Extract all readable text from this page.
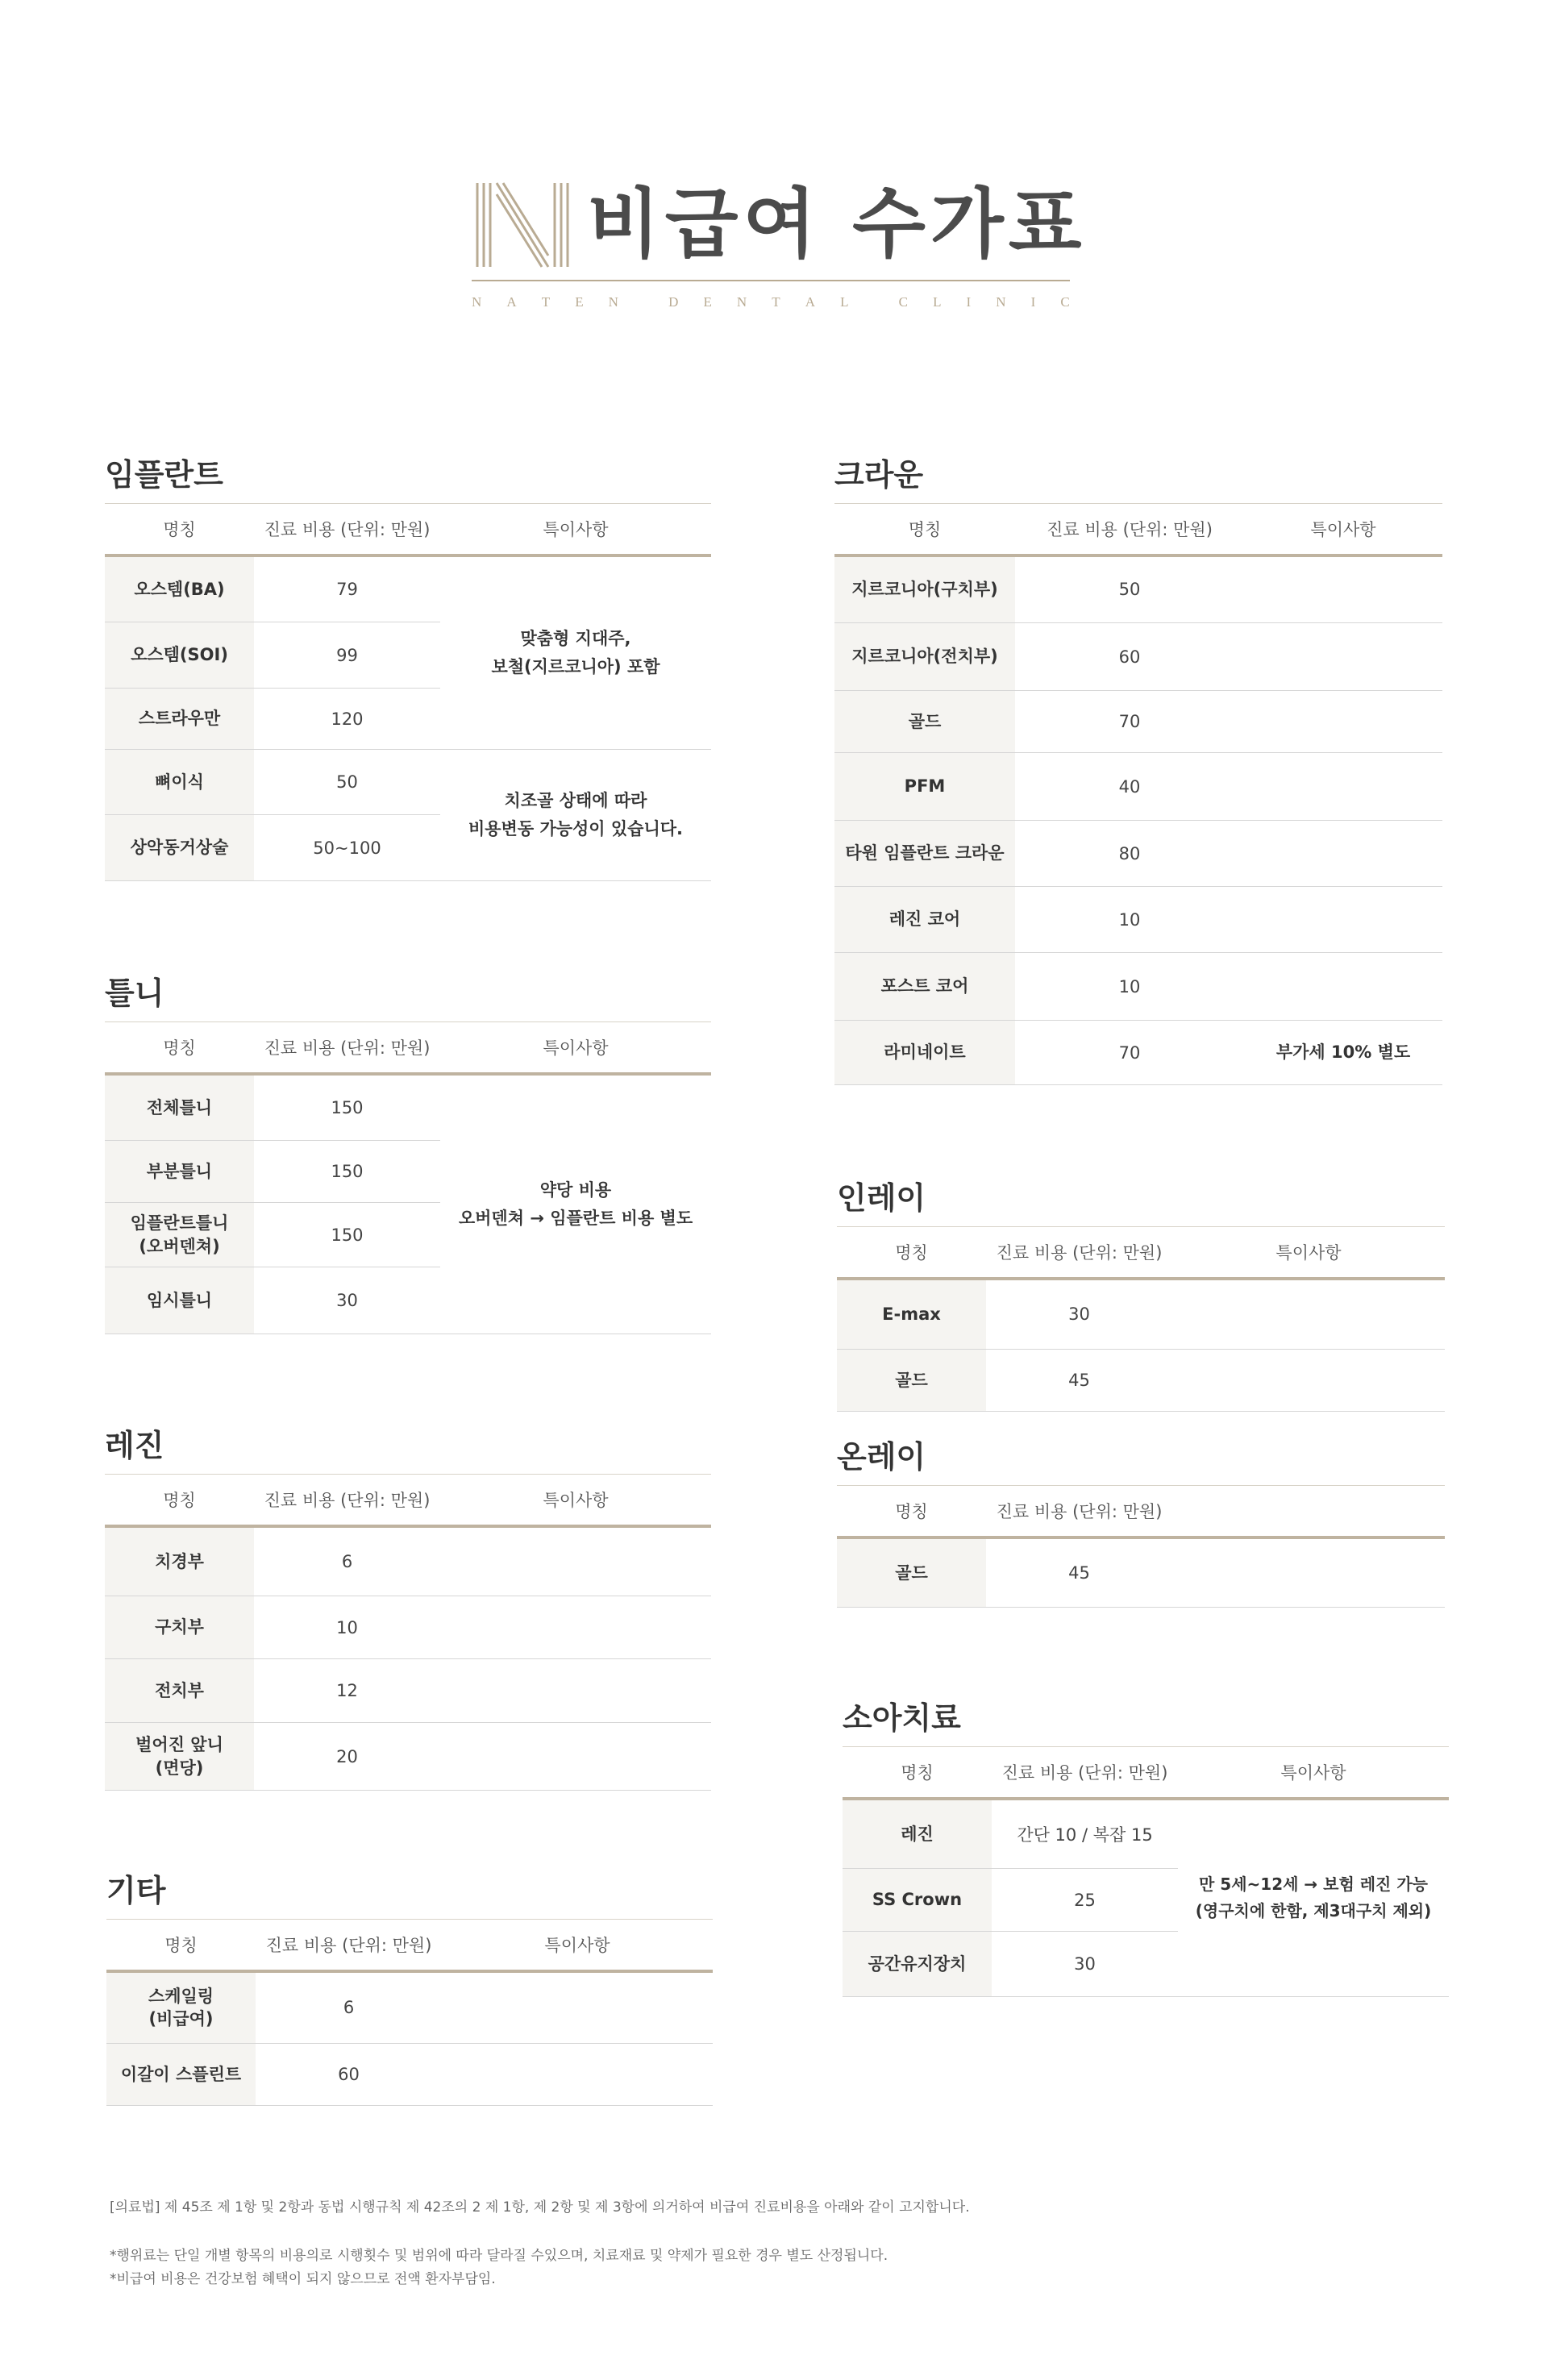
비급여 수가표
N A T E N	D E N T A L	C L I N I C
임플란트
명칭	진료 비용 (단위: 만원)	특이사항
오스템(BA)	79	맞춤형 지대주,
보철(지르코니아) 포함
오스템(SOI)	99	
스트라우만	120	
뼈이식	50	치조골 상태에 따라
비용변동 가능성이 있습니다.
상악동거상술	50~100	
틀니
명칭	진료 비용 (단위: 만원)	특이사항
전체틀니	150	약당 비용
오버덴쳐 → 임플란트 비용 별도
부분틀니	150	
임플란트틀니
(오버덴쳐)	150	
임시틀니	30	
레진
명칭	진료 비용 (단위: 만원)	특이사항
치경부	6	
구치부	10	
전치부	12	
벌어진 앞니
(면당)	20	
기타
명칭	진료 비용 (단위: 만원)	특이사항
스케일링
(비급여)	6	
이갈이 스플린트	60	
크라운
명칭	진료 비용 (단위: 만원)	특이사항
지르코니아(구치부)	50	
지르코니아(전치부)	60	
골드	70	
PFM	40	
타원 임플란트 크라운	80	
레진 코어	10	
포스트 코어	10	
라미네이트	70	부가세 10% 별도
인레이
명칭	진료 비용 (단위: 만원)	특이사항
E-max	30	
골드	45	
온레이
명칭	진료 비용 (단위: 만원)	
골드	45	
소아치료
명칭	진료 비용 (단위: 만원)	특이사항
레진	간단 10 / 복잡 15	만 5세~12세 → 보험 레진 가능
(영구치에 한함, 제3대구치 제외)
SS Crown	25	
공간유지장치	30	
[의료법] 제 45조 제 1항 및 2항과 동법 시행규칙 제 42조의 2 제 1항, 제 2항 및 제 3항에 의거하여 비급여 진료비용을 아래와 같이 고지합니다.
*행위료는 단일 개별 항목의 비용의로 시행횟수 및 범위에 따라 달라질 수있으며, 치료재료 및 약제가 필요한 경우 별도 산정됩니다.
*비급여 비용은 건강보험 혜택이 되지 않으므로 전액 환자부담임.
